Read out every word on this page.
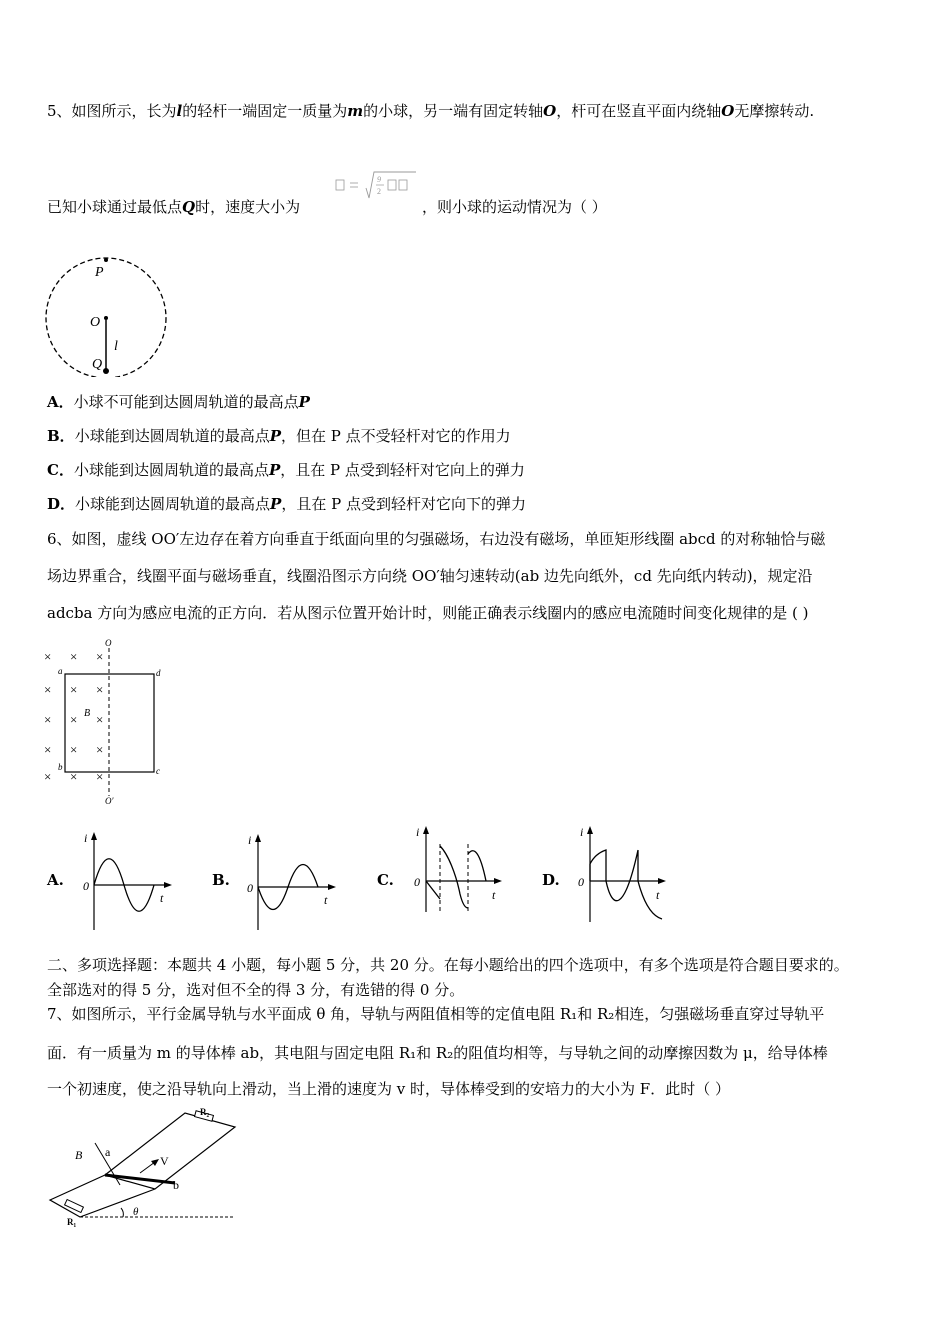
5、如图所示，长为l的轻杆一端固定一质量为m的小球，另一端有固定转轴O，杆可在竖直平面内绕轴O无摩擦转动.
已知小球通过最低点Q时，速度大小为
9
2
，则小球的运动情况为（ ）
P
O
Q
l
A．小球不可能到达圆周轨道的最高点P
B．小球能到达圆周轨道的最高点P，但在 P 点不受轻杆对它的作用力
C．小球能到达圆周轨道的最高点P，且在 P 点受到轻杆对它向上的弹力
D．小球能到达圆周轨道的最高点P，且在 P 点受到轻杆对它向下的弹力
6、如图，虚线 OO′左边存在着方向垂直于纸面向里的匀强磁场，右边没有磁场，单匝矩形线圈 abcd 的对称轴恰与磁
场边界重合，线圈平面与磁场垂直，线圈沿图示方向绕 OO′轴匀速转动(ab 边先向纸外，cd 先向纸内转动)，规定沿
adcba 方向为感应电流的正方向．若从图示位置开始计时，则能正确表示线圈内的感应电流随时间变化规律的是 ( )
× × ×
× × ×
× × ×
× × ×
× × ×
O
O′
a
b	c
d
B
A.
i
0
t
B.
i
0
t
C.
i
0
t
D.
i
0
t
二、多项选择题：本题共 4 小题，每小题 5 分，共 20 分。在每小题给出的四个选项中，有多个选项是符合题目要求的。
全部选对的得 5 分，选对但不全的得 3 分，有选错的得 0 分。
7、如图所示，平行金属导轨与水平面成 θ 角，导轨与两阻值相等的定值电阻 R₁和 R₂相连，匀强磁场垂直穿过导轨平
面．有一质量为 m 的导体棒 ab，其电阻与固定电阻 R₁和 R₂的阻值均相等，与导轨之间的动摩擦因数为 μ，给导体棒
一个初速度，使之沿导轨向上滑动，当上滑的速度为 v 时，导体棒受到的安培力的大小为 F．此时（ ）
R₂
R₁
B a
b
V
θ
